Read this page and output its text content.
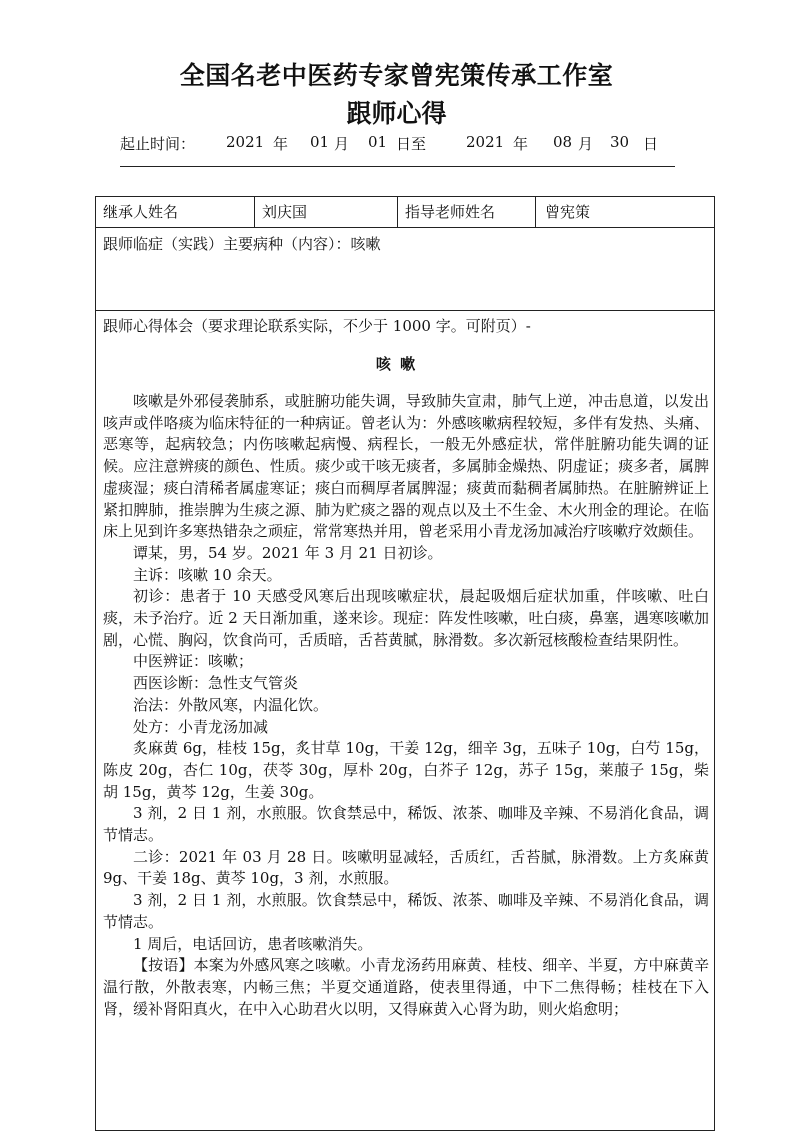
全国名老中医药专家曾宪策传承工作室
跟师心得

起止时间：

2021

年

01

月

01

日至

	2021

年

08

月

30

日

继承人姓名	刘庆国	指导老师姓名	曾宪策
跟师临症（实践）主要病种（内容）：咳嗽
跟师心得体会（要求理论联系实际，不少于 1000 字。可附页）-
咳 嗽

咳嗽是外邪侵袭肺系，或脏腑功能失调，导致肺失宣肃，肺气上逆，冲击息道，以发出咳声或伴咯痰为临床特征的一种病证。曾老认为：外感咳嗽病程较短，多伴有发热、头痛、恶寒等，起病较急；内伤咳嗽起病慢、病程长，一般无外感症状，常伴脏腑功能失调的证候。应注意辨痰的颜色、性质。痰少或干咳无痰者，多属肺金燥热、阴虚证；痰多者，属脾虚痰湿；痰白清稀者属虚寒证；痰白而稠厚者属脾湿；痰黄而黏稠者属肺热。在脏腑辨证上紧扣脾肺，推崇脾为生痰之源、肺为贮痰之器的观点以及土不生金、木火刑金的理论。在临床上见到许多寒热错杂之顽症，常常寒热并用，曾老采用小青龙汤加减治疗咳嗽疗效颇佳。

谭某，男，54 岁。2021 年 3 月 21 日初诊。

主诉：咳嗽 10 余天。

初诊：患者于 10 天感受风寒后出现咳嗽症状，晨起吸烟后症状加重，伴咳嗽、吐白痰，未予治疗。近 2 天日渐加重，遂来诊。现症：阵发性咳嗽，吐白痰，鼻塞，遇寒咳嗽加剧，心慌、胸闷，饮食尚可，舌质暗，舌苔黄腻，脉滑数。多次新冠核酸检查结果阴性。

中医辨证：咳嗽；

西医诊断：急性支气管炎

治法：外散风寒，内温化饮。

处方：小青龙汤加减

炙麻黄 6g，桂枝 15g，炙甘草 10g，干姜 12g，细辛 3g，五味子 10g，白芍 15g，陈皮 20g，杏仁 10g，茯苓 30g，厚朴 20g，白芥子 12g，苏子 15g，莱菔子 15g，柴胡 15g，黄芩 12g，生姜 30g。

3 剂，2 日 1 剂，水煎服。饮食禁忌中，稀饭、浓茶、咖啡及辛辣、不易消化食品，调节情志。

二诊：2021 年 03 月 28 日。咳嗽明显减轻，舌质红，舌苔腻，脉滑数。上方炙麻黄 9g、干姜 18g、黄芩 10g，3 剂，水煎服。

3 剂，2 日 1 剂，水煎服。饮食禁忌中，稀饭、浓茶、咖啡及辛辣、不易消化食品，调节情志。

1 周后，电话回访，患者咳嗽消失。

【按语】本案为外感风寒之咳嗽。小青龙汤药用麻黄、桂枝、细辛、半夏，方中麻黄辛温行散，外散表寒，内畅三焦；半夏交通道路，使表里得通，中下二焦得畅；桂枝在下入肾，缓补肾阳真火，在中入心助君火以明，又得麻黄入心肾为助，则火焰愈明；
